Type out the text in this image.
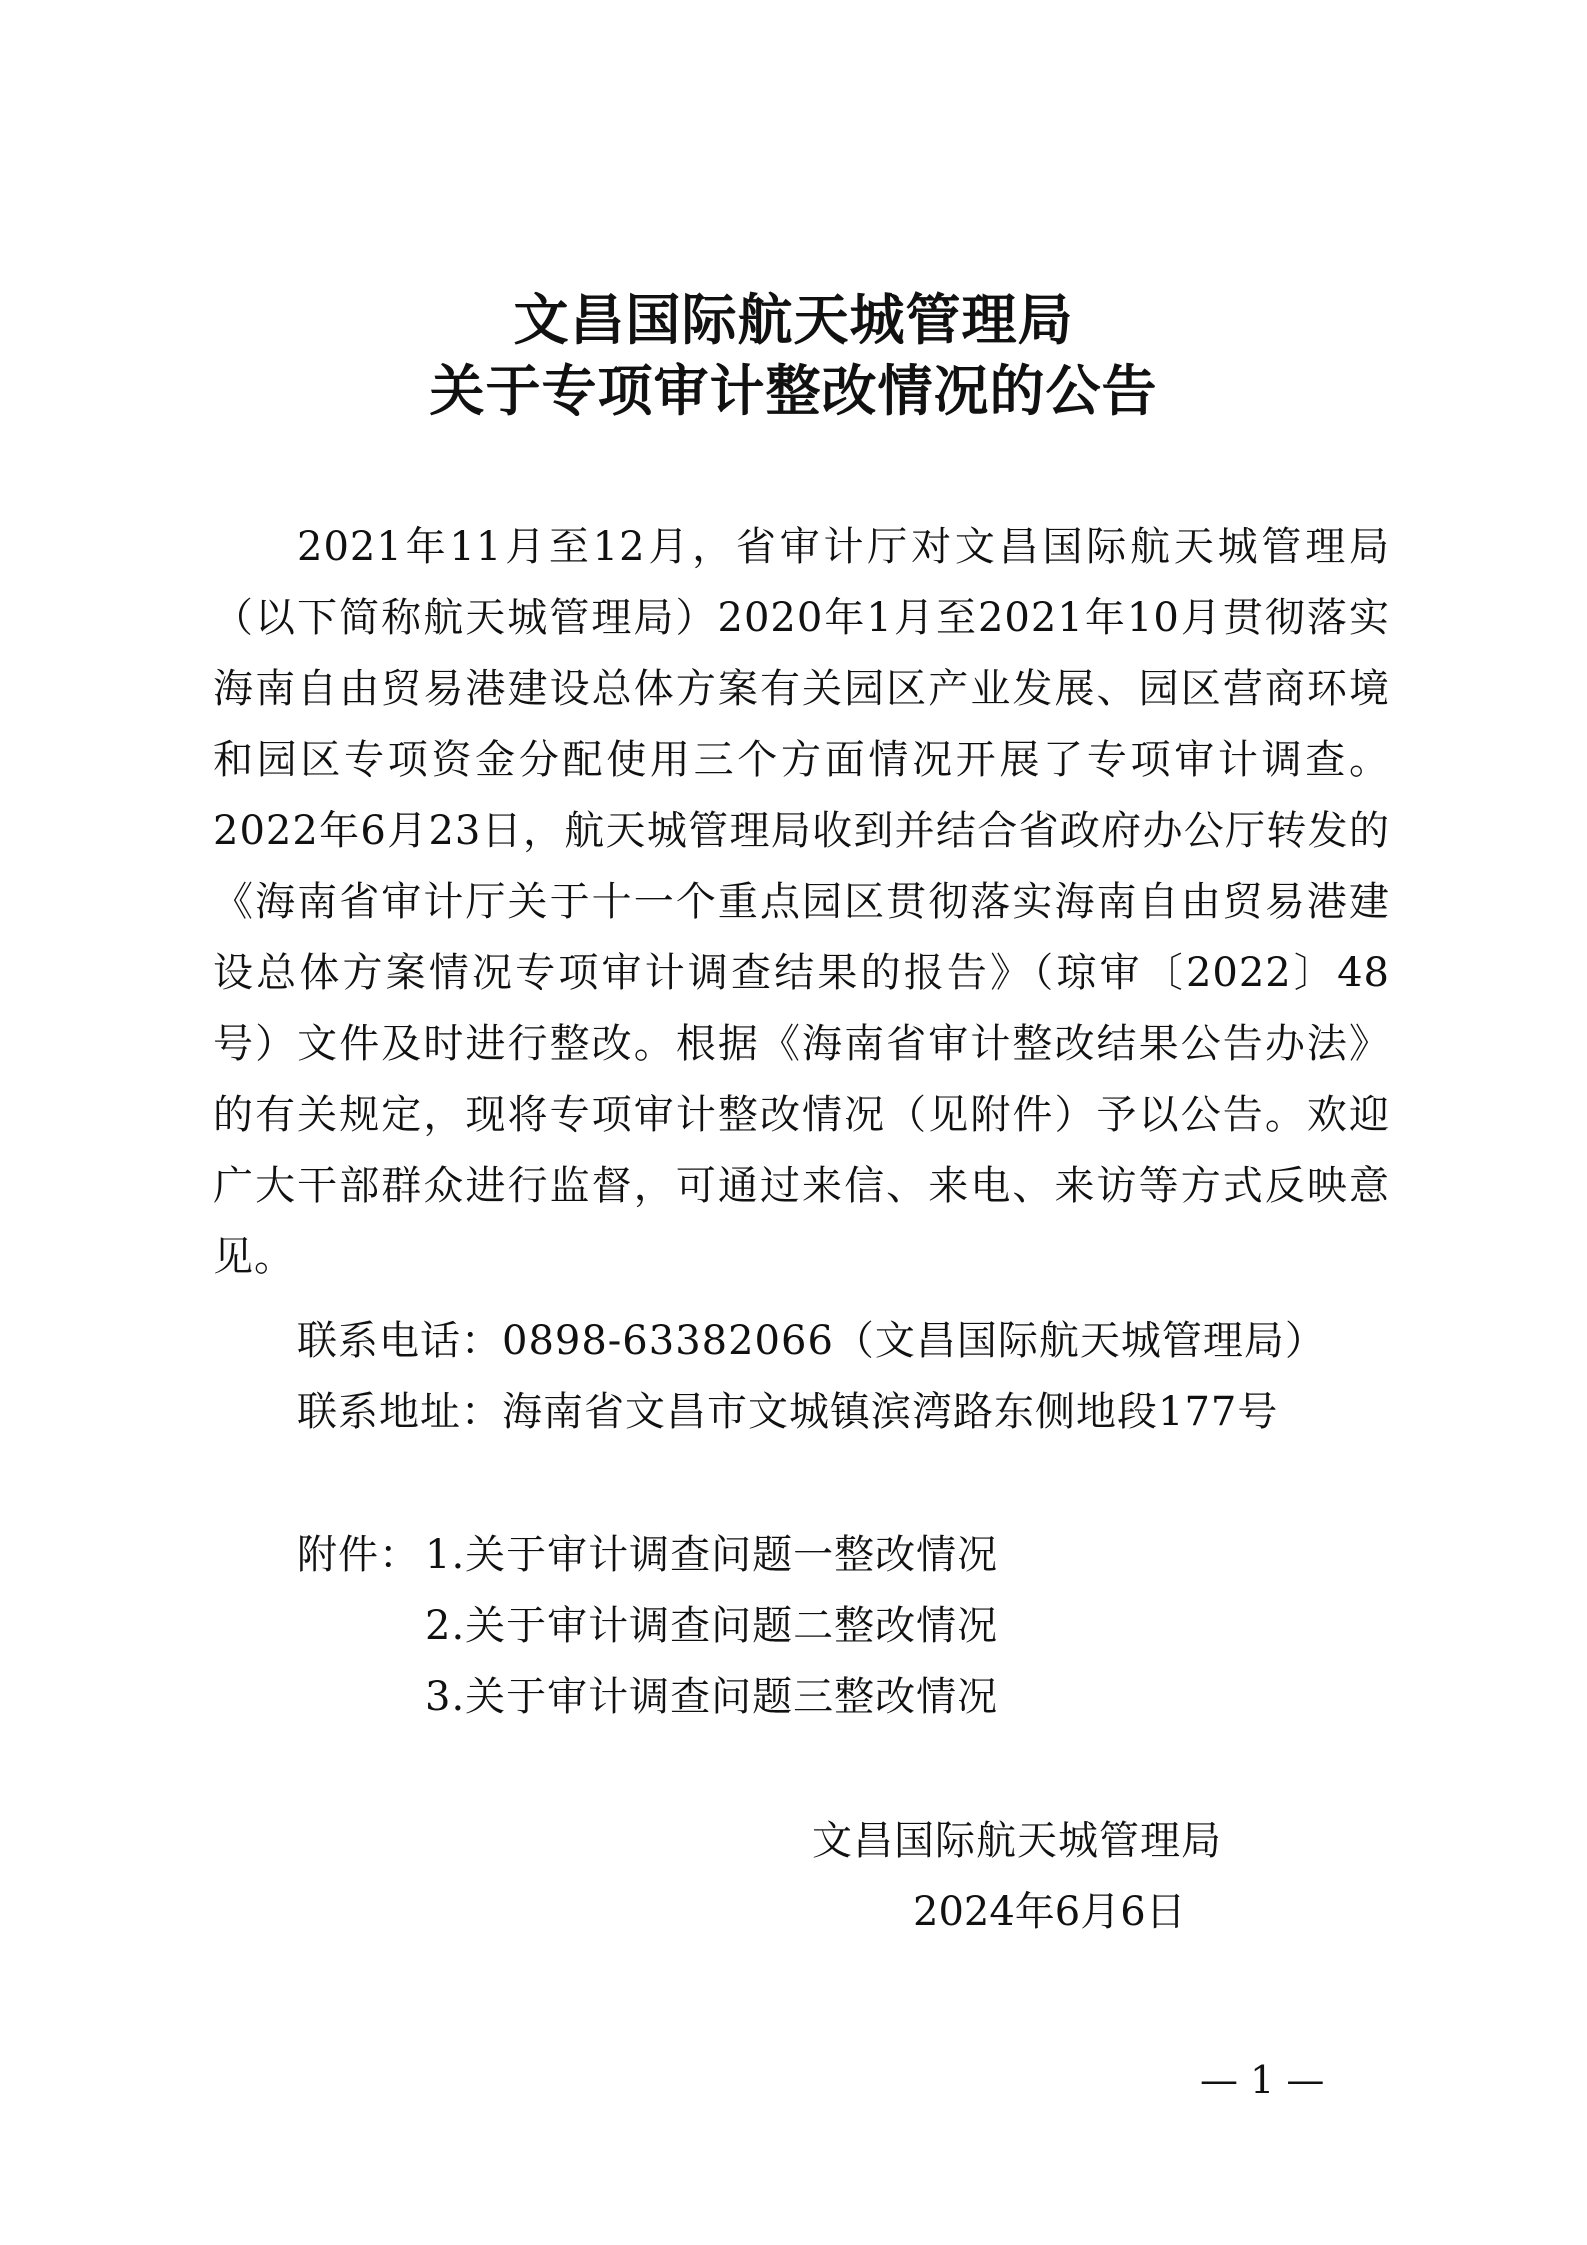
文昌国际航天城管理局
关于专项审计整改情况的公告
2021年11月至12月，省审计厅对文昌国际航天城管理局（以下简称航天城管理局）2020年1月至2021年10月贯彻落实海南自由贸易港建设总体方案有关园区产业发展、园区营商环境和园区专项资金分配使用三个方面情况开展了专项审计调查。2022年6月23日，航天城管理局收到并结合省政府办公厅转发的《海南省审计厅关于十一个重点园区贯彻落实海南自由贸易港建设总体方案情况专项审计调查结果的报告》（琼审〔2022〕48号）文件及时进行整改。根据《海南省审计整改结果公告办法》的有关规定，现将专项审计整改情况（见附件）予以公告。欢迎广大干部群众进行监督，可通过来信、来电、来访等方式反映意见。
联系电话：0898-63382066（文昌国际航天城管理局）
联系地址：海南省文昌市文城镇滨湾路东侧地段177号
附件： 1.关于审计调查问题一整改情况
2.关于审计调查问题二整改情况
3.关于审计调查问题三整改情况
文昌国际航天城管理局
2024年6月6日
— 1 —
